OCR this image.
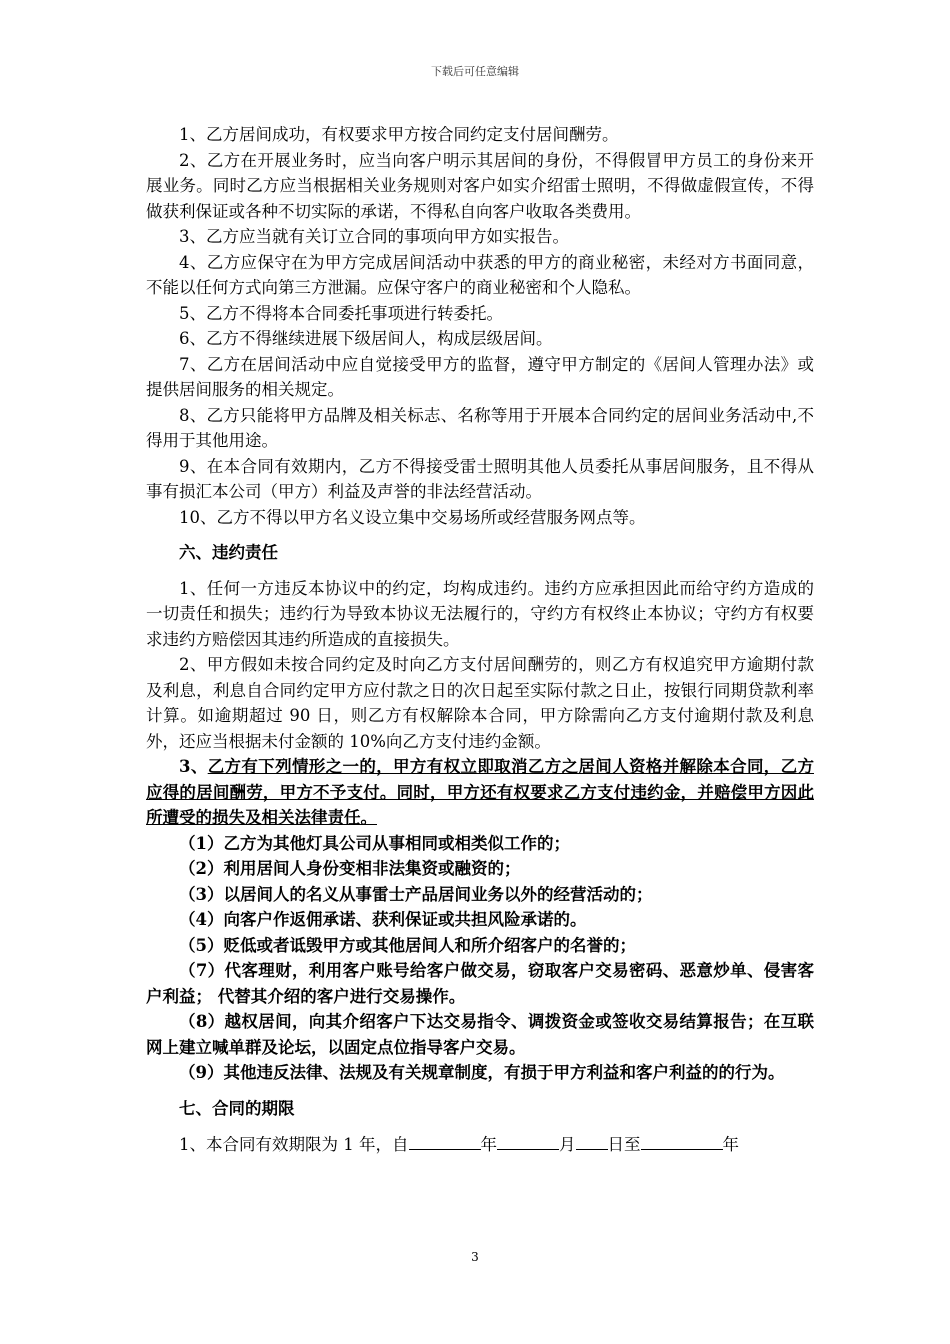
下载后可任意编辑

1、乙方居间成功，有权要求甲方按合同约定支付居间酬劳。

2、乙方在开展业务时，应当向客户明示其居间的身份，不得假冒甲方员工的身份来开展业务。同时乙方应当根据相关业务规则对客户如实介绍雷士照明，不得做虚假宣传，不得做获利保证或各种不切实际的承诺，不得私自向客户收取各类费用。

3、乙方应当就有关订立合同的事项向甲方如实报告。

4、乙方应保守在为甲方完成居间活动中获悉的甲方的商业秘密，未经对方书面同意，不能以任何方式向第三方泄漏。应保守客户的商业秘密和个人隐私。

5、乙方不得将本合同委托事项进行转委托。

6、乙方不得继续进展下级居间人，构成层级居间。

7、乙方在居间活动中应自觉接受甲方的监督，遵守甲方制定的《居间人管理办法》或提供居间服务的相关规定。

8、乙方只能将甲方品牌及相关标志、名称等用于开展本合同约定的居间业务活动中,不得用于其他用途。

9、在本合同有效期内，乙方不得接受雷士照明其他人员委托从事居间服务，且不得从事有损汇本公司（甲方）利益及声誉的非法经营活动。

10、乙方不得以甲方名义设立集中交易场所或经营服务网点等。

六、违约责任

1、任何一方违反本协议中的约定，均构成违约。违约方应承担因此而给守约方造成的一切责任和损失；违约行为导致本协议无法履行的，守约方有权终止本协议；守约方有权要求违约方赔偿因其违约所造成的直接损失。

2、甲方假如未按合同约定及时向乙方支付居间酬劳的，则乙方有权追究甲方逾期付款及利息，利息自合同约定甲方应付款之日的次日起至实际付款之日止，按银行同期贷款利率计算。如逾期超过 90 日，则乙方有权解除本合同，甲方除需向乙方支付逾期付款及利息外，还应当根据未付金额的 10%向乙方支付违约金额。

3、乙方有下列情形之一的，甲方有权立即取消乙方之居间人资格并解除本合同，乙方应得的居间酬劳，甲方不予支付。同时，甲方还有权要求乙方支付违约金，并赔偿甲方因此所遭受的损失及相关法律责任。

（1）乙方为其他灯具公司从事相同或相类似工作的；

（2）利用居间人身份变相非法集资或融资的；

（3）以居间人的名义从事雷士产品居间业务以外的经营活动的；

（4）向客户作返佣承诺、获利保证或共担风险承诺的。

（5）贬低或者诋毁甲方或其他居间人和所介绍客户的名誉的；

（7）代客理财，利用客户账号给客户做交易，窃取客户交易密码、恶意炒单、侵害客户利益； 代替其介绍的客户进行交易操作。

（8）越权居间，向其介绍客户下达交易指令、调拨资金或签收交易结算报告；在互联网上建立喊单群及论坛，以固定点位指导客户交易。

（9）其他违反法律、法规及有关规章制度，有损于甲方利益和客户利益的的行为。

七、合同的期限

1、本合同有效期限为 1 年，自	年	月 日至	年

3
